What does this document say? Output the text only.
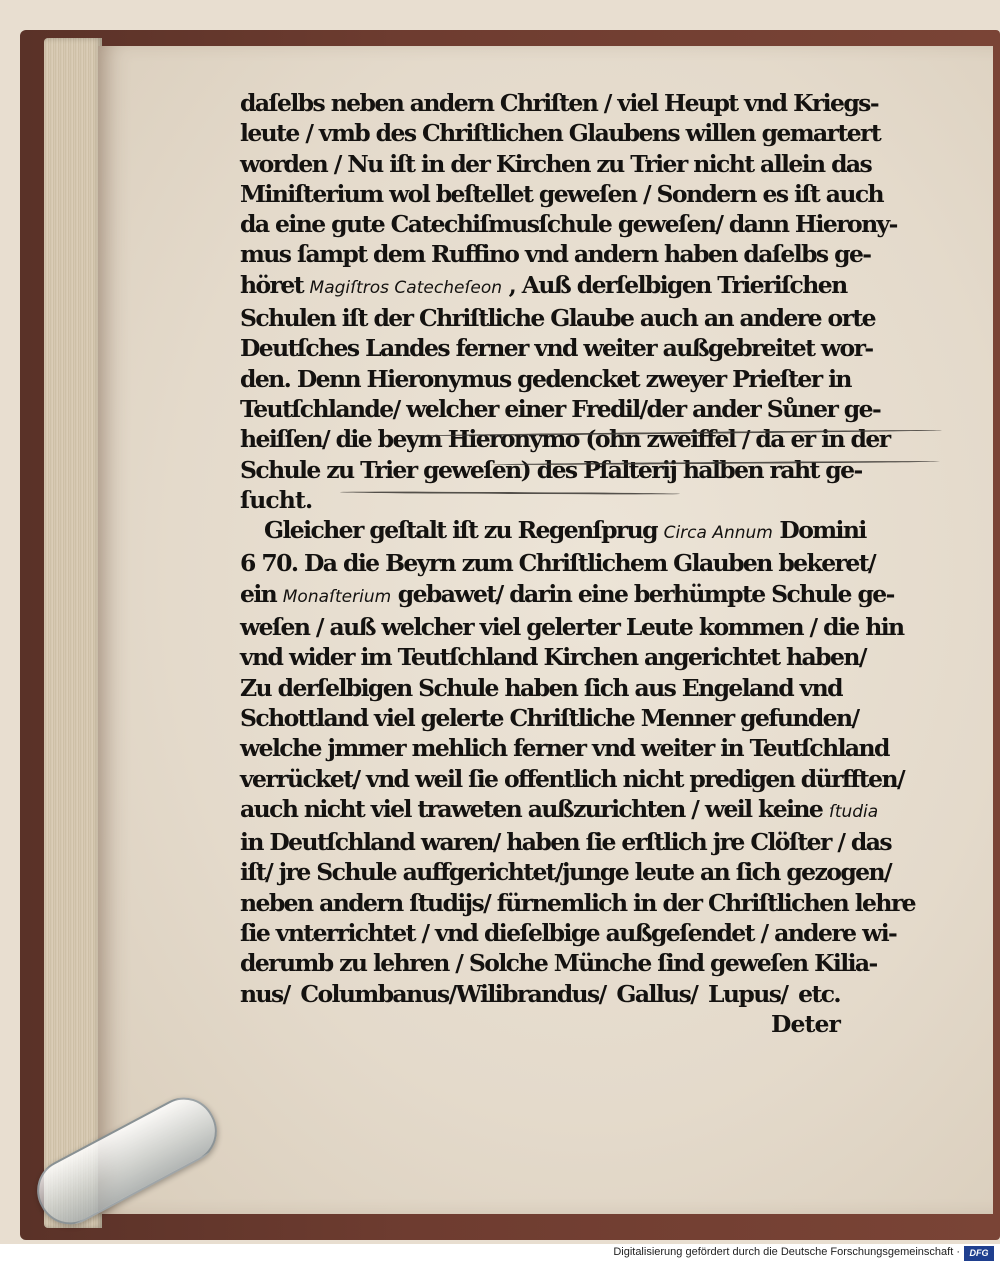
daſelbs neben andern Chriſten / viel Heupt vnd Kriegs-
leute / vmb des Chriſtlichen Glaubens willen gemartert
worden / Nu iſt in der Kirchen zu Trier nicht allein das
Miniſterium wol beſtellet geweſen / Sondern es iſt auch
da eine gute Catechiſmusſchule geweſen/ dann Hierony-
mus ſampt dem Ruffino vnd andern haben daſelbs ge-
höret Magiſtros Catecheſeon , Auß derſelbigen Trieriſchen
Schulen iſt der Chriſtliche Glaube auch an andere orte
Deutſches Landes ferner vnd weiter außgebreitet wor-
den. Denn Hieronymus gedencket zweyer Prieſter in
Teutſchlande/ welcher einer Fredil/der ander Sůner ge-
heiſſen/ die beym Hieronymo (ohn zweiffel / da er in der
Schule zu Trier geweſen) des Pſalterij halben raht ge-
ſucht.
Gleicher geſtalt iſt zu Regenſprug Circa Annum Domini
6 70. Da die Beyrn zum Chriſtlichem Glauben bekeret/
ein Monaſterium gebawet/ darin eine berhümpte Schule ge-
weſen / auß welcher viel gelerter Leute kommen / die hin
vnd wider im Teutſchland Kirchen angerichtet haben/
Zu derſelbigen Schule haben ſich aus Engeland vnd
Schottland viel gelerte Chriſtliche Menner gefunden/
welche jmmer mehlich ferner vnd weiter in Teutſchland
verrücket/ vnd weil ſie offentlich nicht predigen dürfften/
auch nicht viel traweten außzurichten / weil keine ſtudia
in Deutſchland waren/ haben ſie erſtlich jre Clöſter / das
iſt/ jre Schule auffgerichtet/junge leute an ſich gezogen/
neben andern ſtudijs/ fürnemlich in der Chriſtlichen lehre
ſie vnterrichtet / vnd dieſelbige außgeſendet / andere wi-
derumb zu lehren / Solche Münche ſind geweſen Kilia-
nus/ Columbanus/Wilibrandus/ Gallus/ Lupus/ etc.
Deter
Digitalisierung gefördert durch die Deutsche Forschungsgemeinschaft ·	DFG
